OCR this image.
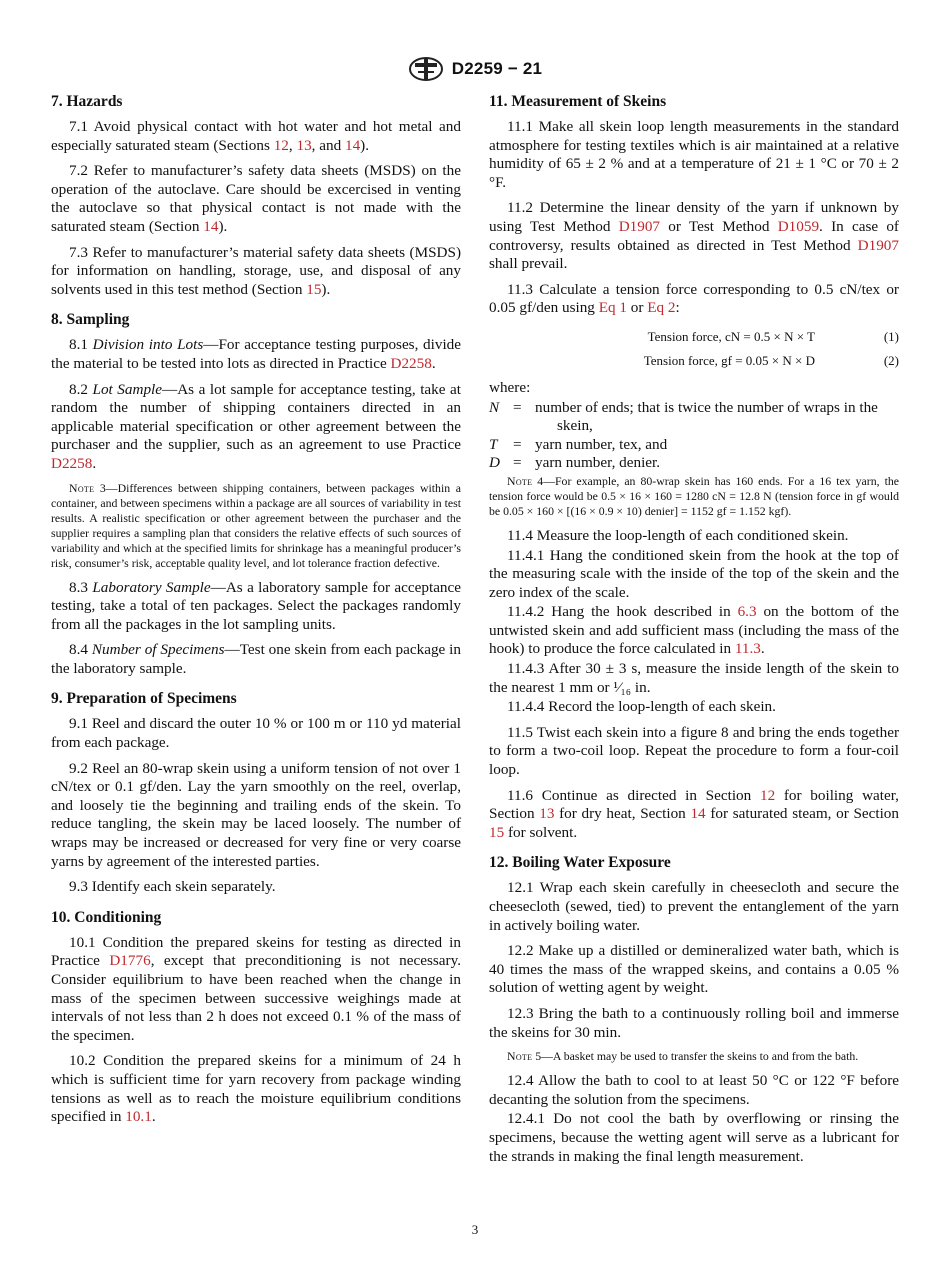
D2259 − 21
7. Hazards

7.1 Avoid physical contact with hot water and hot metal and especially saturated steam (Sections 12, 13, and 14).

7.2 Refer to manufacturer’s safety data sheets (MSDS) on the operation of the autoclave. Care should be excercised in venting the autoclave so that physical contact is not made with the saturated steam (Section 14).

7.3 Refer to manufacturer’s material safety data sheets (MSDS) for information on handling, storage, use, and disposal of any solvents used in this test method (Section 15).

8. Sampling

8.1 Division into Lots—For acceptance testing purposes, divide the material to be tested into lots as directed in Practice D2258.

8.2 Lot Sample—As a lot sample for acceptance testing, take at random the number of shipping containers directed in an applicable material specification or other agreement between the purchaser and the supplier, such as an agreement to use Practice D2258.

Note 3—Differences between shipping containers, between packages within a container, and between specimens within a package are all sources of variability in test results. A realistic specification or other agreement between the purchaser and the supplier requires a sampling plan that considers the relative effects of such sources of variability and which at the specified limits for shrinkage has a meaningful producer’s risk, consumer’s risk, acceptable quality level, and lot tolerance fraction defective.

8.3 Laboratory Sample—As a laboratory sample for acceptance testing, take a total of ten packages. Select the packages randomly from all the packages in the lot sampling units.

8.4 Number of Specimens—Test one skein from each package in the laboratory sample.

9. Preparation of Specimens

9.1 Reel and discard the outer 10 % or 100 m or 110 yd material from each package.

9.2 Reel an 80-wrap skein using a uniform tension of not over 1 cN/tex or 0.1 gf/den. Lay the yarn smoothly on the reel, overlap, and loosely tie the beginning and trailing ends of the skein. To reduce tangling, the skein may be laced loosely. The number of wraps may be increased or decreased for very fine or very coarse yarns by agreement of the interested parties.

9.3 Identify each skein separately.

10. Conditioning

10.1 Condition the prepared skeins for testing as directed in Practice D1776, except that preconditioning is not necessary. Consider equilibrium to have been reached when the change in mass of the specimen between successive weighings made at intervals of not less than 2 h does not exceed 0.1 % of the mass of the specimen.

10.2 Condition the prepared skeins for a minimum of 24 h which is sufficient time for yarn recovery from package winding tensions as well as to reach the moisture equilibrium conditions specified in 10.1.

11. Measurement of Skeins

11.1 Make all skein loop length measurements in the standard atmosphere for testing textiles which is air maintained at a relative humidity of 65 ± 2 % and at a temperature of 21 ± 1 °C or 70 ± 2 °F.

11.2 Determine the linear density of the yarn if unknown by using Test Method D1907 or Test Method D1059. In case of controversy, results obtained as directed in Test Method D1907 shall prevail.

11.3 Calculate a tension force corresponding to 0.5 cN/tex or 0.05 gf/den using Eq 1 or Eq 2:

Tension force, cN = 0.5 × N × T	(1)
Tension force, gf = 0.05 × N × D	(2)
where:
N = number of ends; that is twice the number of wraps in the
skein,
T	= yarn number, tex, and
D = yarn number, denier.

Note 4—For example, an 80-wrap skein has 160 ends. For a 16 tex yarn, the tension force would be 0.5 × 16 × 160 = 1280 cN = 12.8 N (tension force in gf would be 0.05 × 160 × [(16 × 0.9 × 10) denier] = 1152 gf = 1.152 kgf).

11.4 Measure the loop-length of each conditioned skein.

11.4.1 Hang the conditioned skein from the hook at the top of the measuring scale with the inside of the top of the skein and the zero index of the scale.

11.4.2 Hang the hook described in 6.3 on the bottom of the untwisted skein and add sufficient mass (including the mass of the hook) to produce the force calculated in 11.3.

11.4.3 After 30 ± 3 s, measure the inside length of the skein to the nearest 1 mm or ¹⁄₁₆ in.

11.4.4 Record the loop-length of each skein.

11.5 Twist each skein into a figure 8 and bring the ends together to form a two-coil loop. Repeat the procedure to form a four-coil loop.

11.6 Continue as directed in Section 12 for boiling water, Section 13 for dry heat, Section 14 for saturated steam, or Section 15 for solvent.

12. Boiling Water Exposure

12.1 Wrap each skein carefully in cheesecloth and secure the cheesecloth (sewed, tied) to prevent the entanglement of the yarn in actively boiling water.

12.2 Make up a distilled or demineralized water bath, which is 40 times the mass of the wrapped skeins, and contains a 0.05 % solution of wetting agent by weight.

12.3 Bring the bath to a continuously rolling boil and immerse the skeins for 30 min.

Note 5—A basket may be used to transfer the skeins to and from the bath.

12.4 Allow the bath to cool to at least 50 °C or 122 °F before decanting the solution from the specimens.

12.4.1 Do not cool the bath by overflowing or rinsing the specimens, because the wetting agent will serve as a lubricant for the strands in making the final length measurement.

3
